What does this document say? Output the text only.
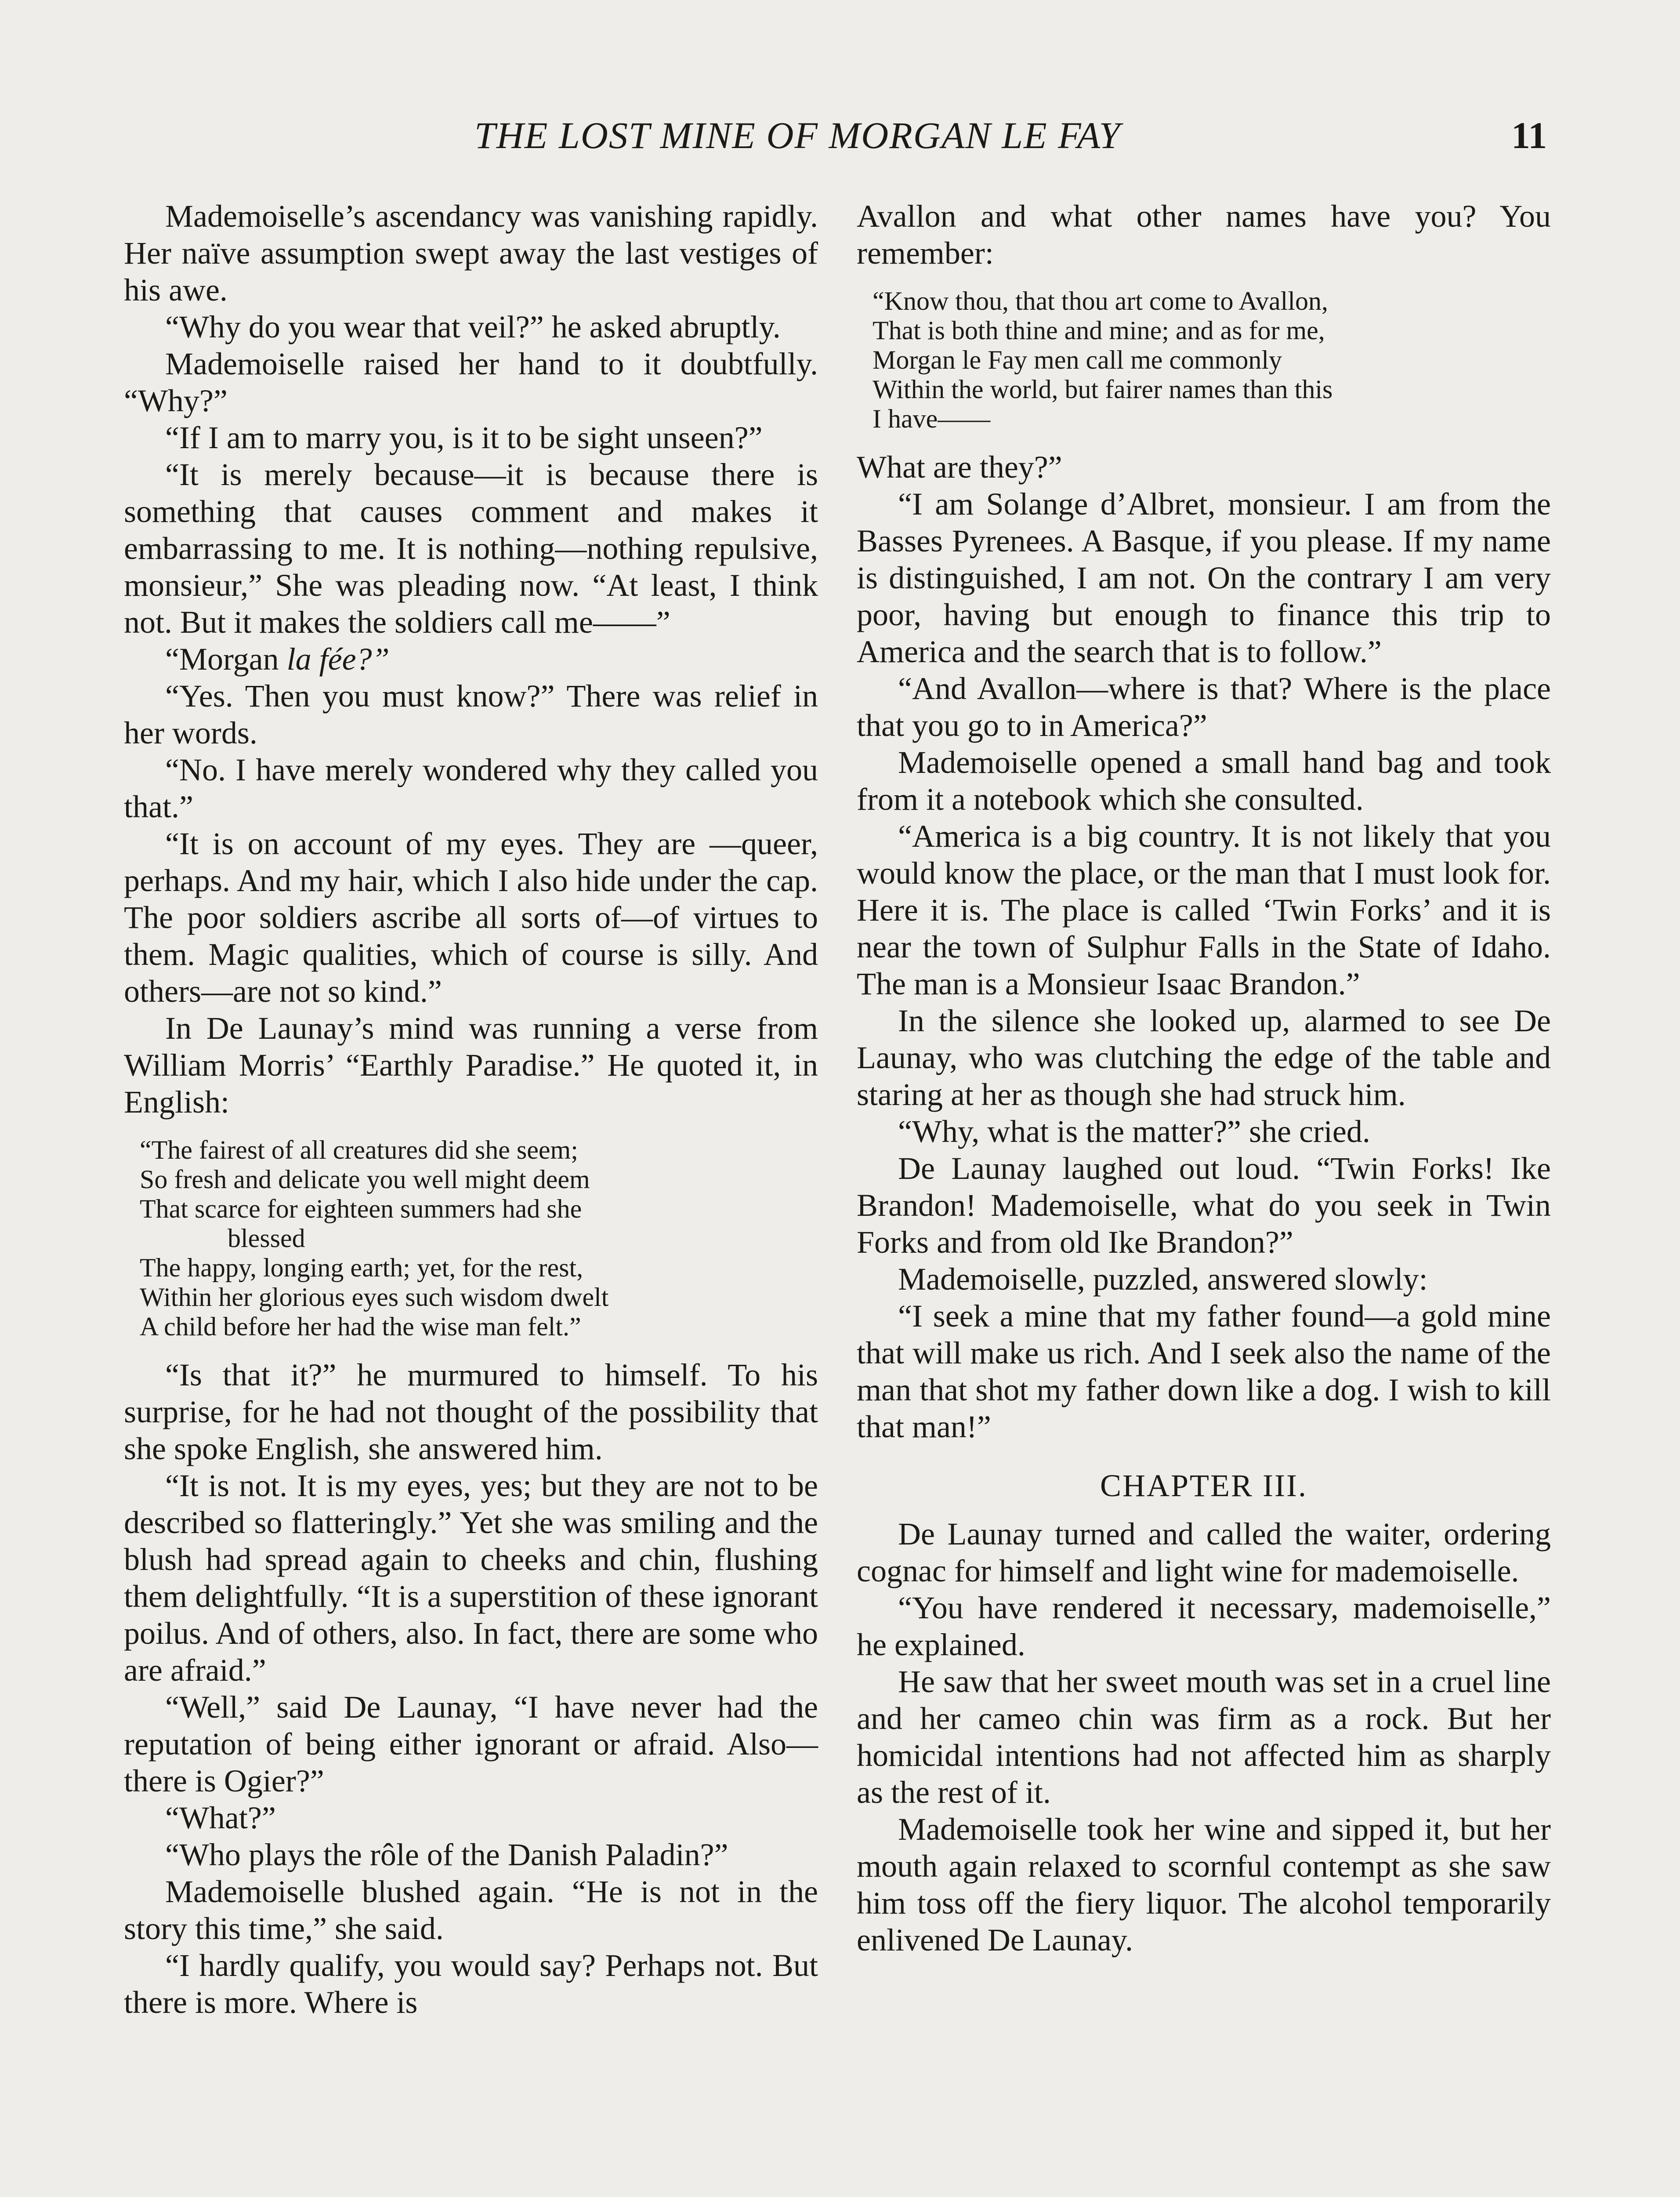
THE LOST MINE OF MORGAN LE FAY	11

Mademoiselle’s ascendancy was vanishing rapidly. Her naïve assumption swept away the last vestiges of his awe.

“Why do you wear that veil?” he asked abruptly.

Mademoiselle raised her hand to it doubtfully. “Why?”

“If I am to marry you, is it to be sight unseen?”

“It is merely because—it is because there is something that causes comment and makes it embarrassing to me. It is nothing—nothing repulsive, monsieur,” She was pleading now. “At least, I think not. But it makes the soldiers call me——”

“Morgan la fée?”

“Yes. Then you must know?” There was relief in her words.

“No. I have merely wondered why they called you that.”

“It is on account of my eyes. They are —queer, perhaps. And my hair, which I also hide under the cap. The poor soldiers ascribe all sorts of—of virtues to them. Magic qualities, which of course is silly. And others—are not so kind.”

In De Launay’s mind was running a verse from William Morris’ “Earthly Paradise.” He quoted it, in English:

“The fairest of all creatures did she seem;
So fresh and delicate you well might deem
That scarce for eighteen summers had she
blessed
The happy, longing earth; yet, for the rest,
Within her glorious eyes such wisdom dwelt
A child before her had the wise man felt.”

“Is that it?” he murmured to himself. To his surprise, for he had not thought of the possibility that she spoke English, she answered him.

“It is not. It is my eyes, yes; but they are not to be described so flatteringly.” Yet she was smiling and the blush had spread again to cheeks and chin, flushing them delightfully. “It is a superstition of these ignorant poilus. And of others, also. In fact, there are some who are afraid.”

“Well,” said De Launay, “I have never had the reputation of being either ignorant or afraid. Also—there is Ogier?”

“What?”

“Who plays the rôle of the Danish Paladin?”

Mademoiselle blushed again. “He is not in the story this time,” she said.

“I hardly qualify, you would say? Perhaps not. But there is more. Where is

Avallon and what other names have you? You remember:

“Know thou, that thou art come to Avallon,
That is both thine and mine; and as for me,
Morgan le Fay men call me commonly
Within the world, but fairer names than this
I have——

What are they?”

“I am Solange d’Albret, monsieur. I am from the Basses Pyrenees. A Basque, if you please. If my name is distinguished, I am not. On the contrary I am very poor, having but enough to finance this trip to America and the search that is to follow.”

“And Avallon—where is that? Where is the place that you go to in America?”

Mademoiselle opened a small hand bag and took from it a notebook which she consulted.

“America is a big country. It is not likely that you would know the place, or the man that I must look for. Here it is. The place is called ‘Twin Forks’ and it is near the town of Sulphur Falls in the State of Idaho. The man is a Monsieur Isaac Brandon.”

In the silence she looked up, alarmed to see De Launay, who was clutching the edge of the table and staring at her as though she had struck him.

“Why, what is the matter?” she cried.

De Launay laughed out loud. “Twin Forks! Ike Brandon! Mademoiselle, what do you seek in Twin Forks and from old Ike Brandon?”

Mademoiselle, puzzled, answered slowly:

“I seek a mine that my father found—a gold mine that will make us rich. And I seek also the name of the man that shot my father down like a dog. I wish to kill that man!”

CHAPTER III.

De Launay turned and called the waiter, ordering cognac for himself and light wine for mademoiselle.

“You have rendered it necessary, mademoiselle,” he explained.

He saw that her sweet mouth was set in a cruel line and her cameo chin was firm as a rock. But her homicidal intentions had not affected him as sharply as the rest of it.

Mademoiselle took her wine and sipped it, but her mouth again relaxed to scornful contempt as she saw him toss off the fiery liquor. The alcohol temporarily enlivened De Launay.
